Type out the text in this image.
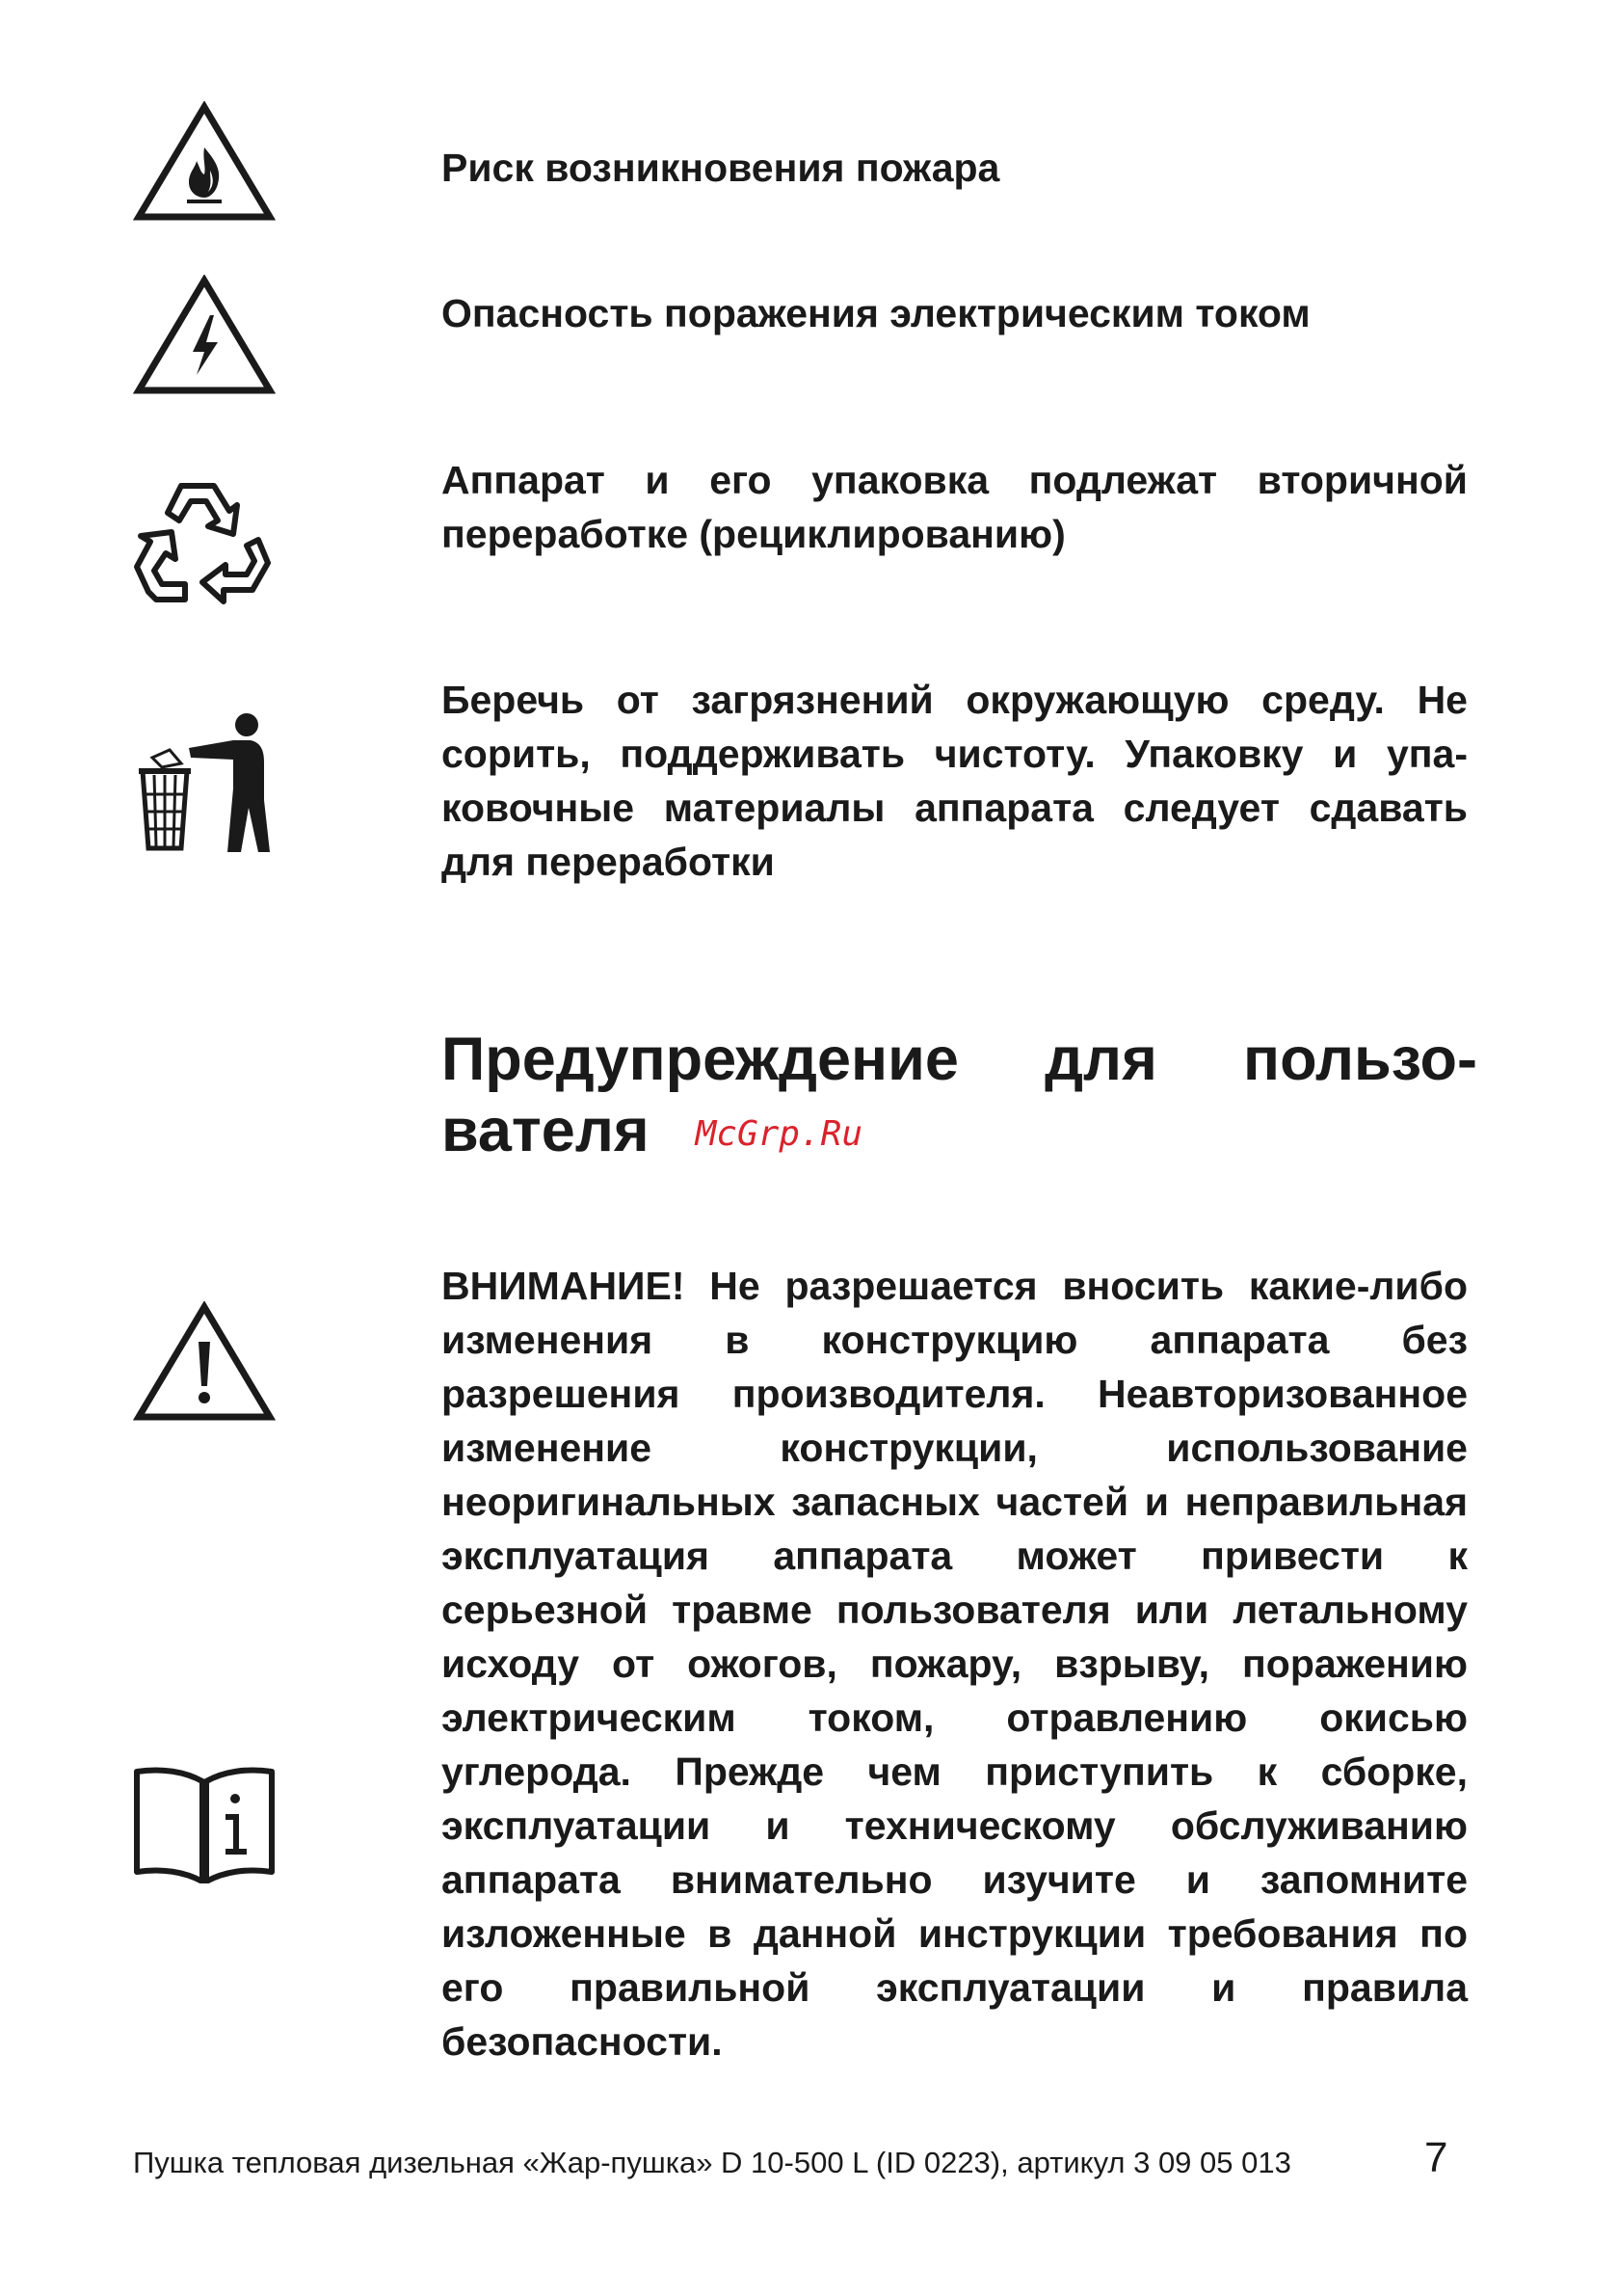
Риск возникновения пожара
Опасность поражения электрическим током
Аппарат и его упаковка подлежат вторичной переработке (рециклированию)
Беречь от загрязнений окружающую среду. Не сорить, поддерживать чистоту. Упаковку и упаковочные материалы аппарата следует сдавать для переработки
Предупреждение для пользо-
вателя McGrp.Ru
ВНИМАНИЕ! Не разрешается вносить какие-либо изменения в конструкцию аппарата без разрешения производителя. Неавторизованное изменение конструкции, использование неоригинальных запасных частей и неправильная эксплуатация аппарата может привести к серьезной травме пользователя или летальному исходу от ожогов, пожару, взрыву, поражению электрическим током, отравлению окисью углерода. Прежде чем приступить к сборке, эксплуатации и техническому обслуживанию аппарата внимательно изучите и запомните изложенные в данной инструкции требования по его правильной эксплуатации и правила безопасности.
Пушка тепловая дизельная «Жар-пушка» D 10-500 L (ID 0223), артикул 3 09 05 013	7
